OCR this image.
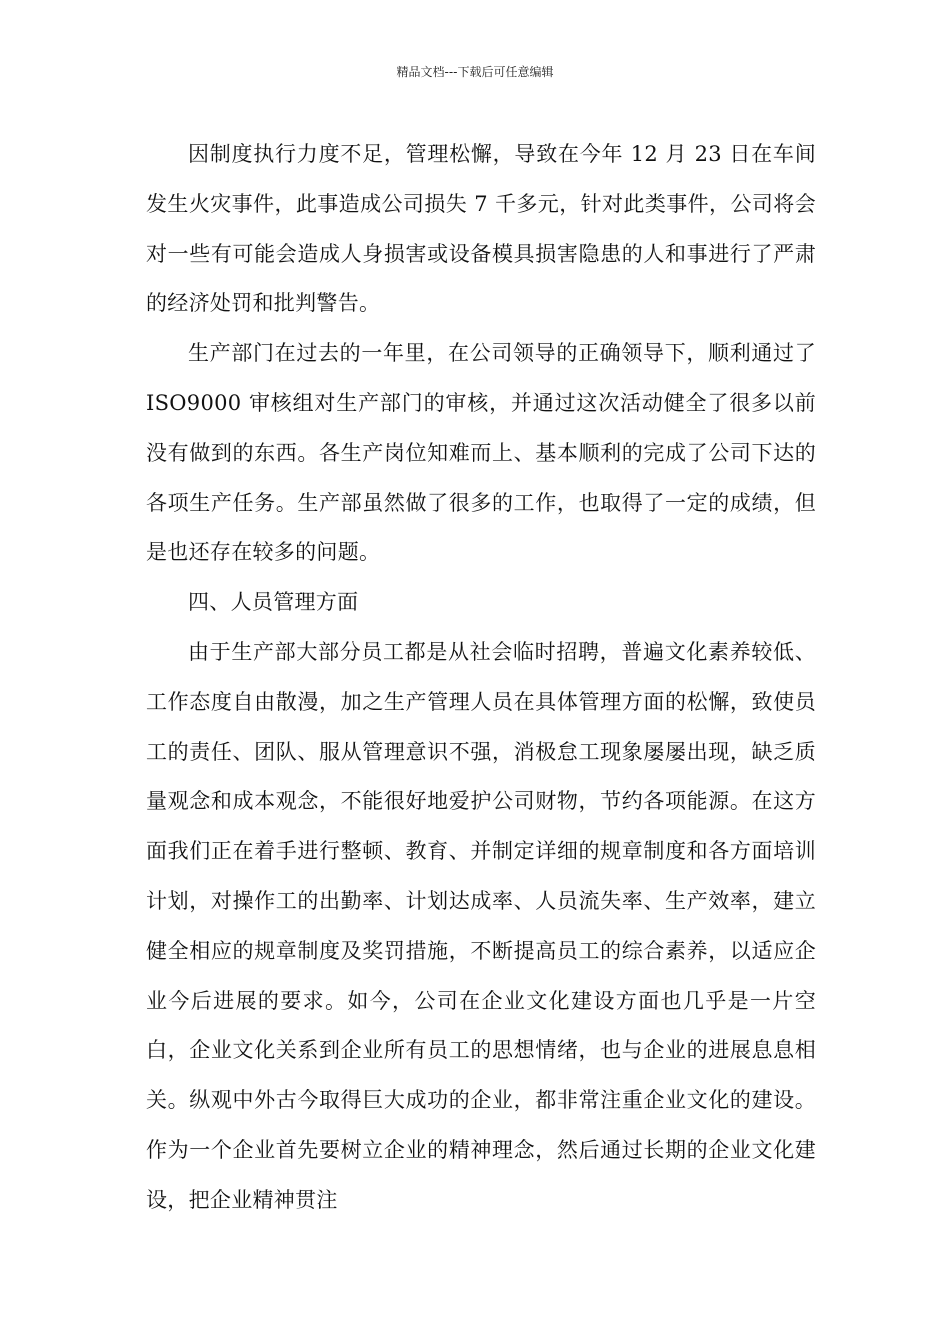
精品文档---下载后可任意编辑

因制度执行力度不足，管理松懈，导致在今年 12 月 23 日在车间发生火灾事件，此事造成公司损失 7 千多元，针对此类事件，公司将会对一些有可能会造成人身损害或设备模具损害隐患的人和事进行了严肃的经济处罚和批判警告。

生产部门在过去的一年里，在公司领导的正确领导下，顺利通过了 ISO9000 审核组对生产部门的审核，并通过这次活动健全了很多以前没有做到的东西。各生产岗位知难而上、基本顺利的完成了公司下达的各项生产任务。生产部虽然做了很多的工作，也取得了一定的成绩，但是也还存在较多的问题。

四、人员管理方面

由于生产部大部分员工都是从社会临时招聘，普遍文化素养较低、工作态度自由散漫，加之生产管理人员在具体管理方面的松懈，致使员工的责任、团队、服从管理意识不强，消极怠工现象屡屡出现，缺乏质量观念和成本观念，不能很好地爱护公司财物，节约各项能源。在这方面我们正在着手进行整顿、教育、并制定详细的规章制度和各方面培训计划，对操作工的出勤率、计划达成率、人员流失率、生产效率，建立健全相应的规章制度及奖罚措施，不断提高员工的综合素养，以适应企业今后进展的要求。如今，公司在企业文化建设方面也几乎是一片空白，企业文化关系到企业所有员工的思想情绪，也与企业的进展息息相关。纵观中外古今取得巨大成功的企业，都非常注重企业文化的建设。作为一个企业首先要树立企业的精神理念，然后通过长期的企业文化建设，把企业精神贯注
